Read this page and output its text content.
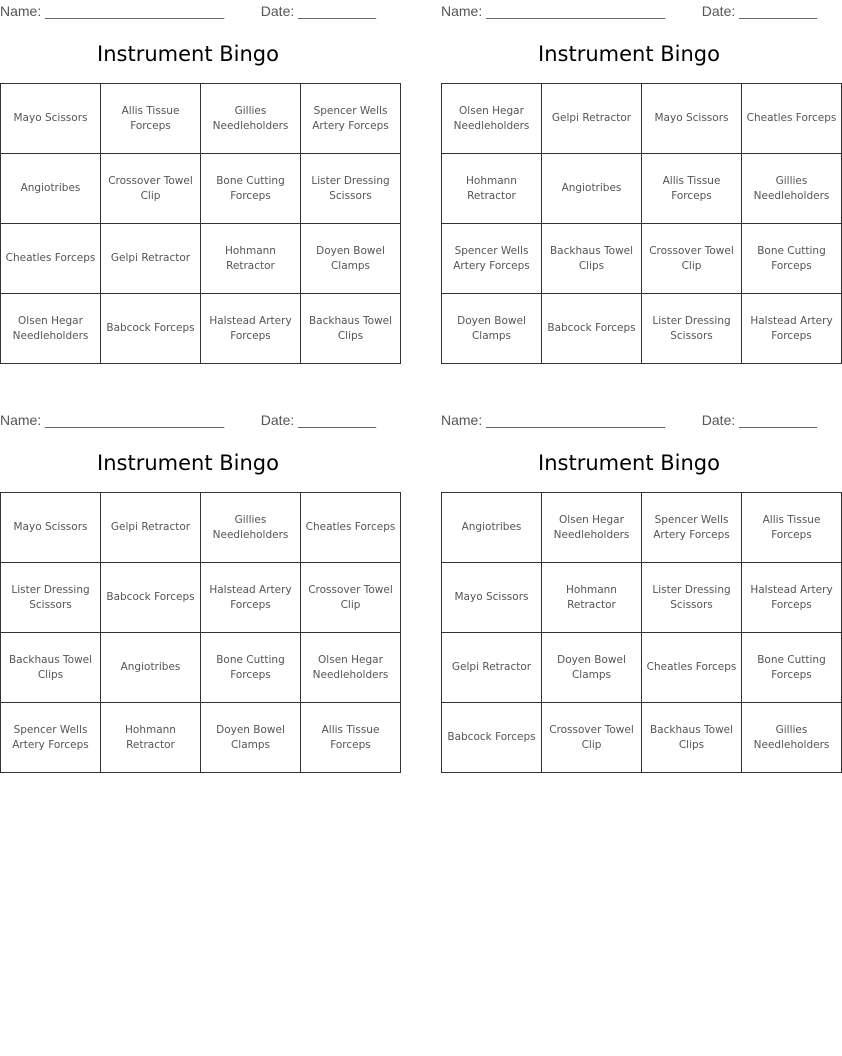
Name: _______________________	Date: __________
Instrument Bingo
Mayo Scissors	Allis Tissue Forceps	Gillies Needleholders	Spencer Wells Artery Forceps
Angiotribes	Crossover Towel Clip	Bone Cutting Forceps	Lister Dressing Scissors
Cheatles Forceps	Gelpi Retractor	Hohmann Retractor	Doyen Bowel Clamps
Olsen Hegar Needleholders	Babcock Forceps	Halstead Artery Forceps	Backhaus Towel Clips
Name: _______________________	Date: __________
Instrument Bingo
Olsen Hegar Needleholders	Gelpi Retractor	Mayo Scissors	Cheatles Forceps
Hohmann Retractor	Angiotribes	Allis Tissue Forceps	Gillies Needleholders
Spencer Wells Artery Forceps	Backhaus Towel Clips	Crossover Towel Clip	Bone Cutting Forceps
Doyen Bowel Clamps	Babcock Forceps	Lister Dressing Scissors	Halstead Artery Forceps
Name: _______________________	Date: __________
Instrument Bingo
Mayo Scissors	Gelpi Retractor	Gillies Needleholders	Cheatles Forceps
Lister Dressing Scissors	Babcock Forceps	Halstead Artery Forceps	Crossover Towel Clip
Backhaus Towel Clips	Angiotribes	Bone Cutting Forceps	Olsen Hegar Needleholders
Spencer Wells Artery Forceps	Hohmann Retractor	Doyen Bowel Clamps	Allis Tissue Forceps
Name: _______________________	Date: __________
Instrument Bingo
Angiotribes	Olsen Hegar Needleholders	Spencer Wells Artery Forceps	Allis Tissue Forceps
Mayo Scissors	Hohmann Retractor	Lister Dressing Scissors	Halstead Artery Forceps
Gelpi Retractor	Doyen Bowel Clamps	Cheatles Forceps	Bone Cutting Forceps
Babcock Forceps	Crossover Towel Clip	Backhaus Towel Clips	Gillies Needleholders
